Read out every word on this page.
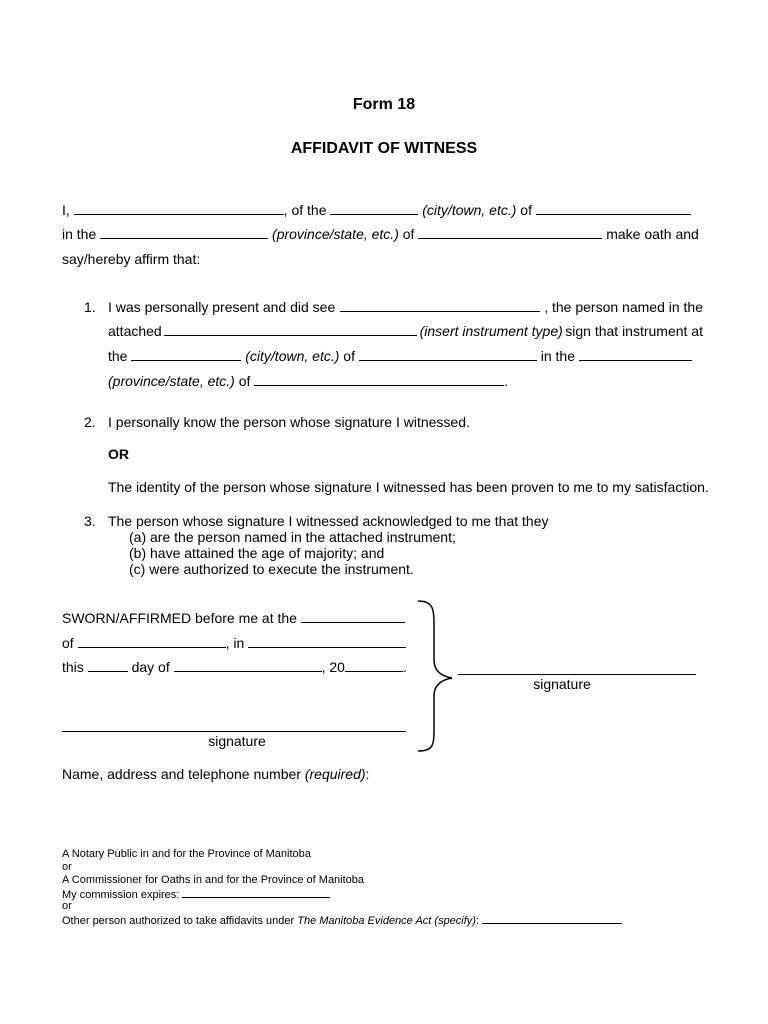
Form 18
AFFIDAVIT OF WITNESS
I,	, of the	(city/town, etc.) of
in the	(province/state, etc.) of	make oath and
say/hereby affirm that:
1. I was personally present and did see	, the person named in the
attached	(insert instrument type) sign that instrument at
the	(city/town, etc.) of	in the
(province/state, etc.) of	.
2. I personally know the person whose signature I witnessed.
OR
The identity of the person whose signature I witnessed has been proven to me to my satisfaction.
3. The person whose signature I witnessed acknowledged to me that they
(a) are the person named in the attached instrument;
(b) have attained the age of majority; and
(c) were authorized to execute the instrument.
SWORN/AFFIRMED before me at the
of	, in
this	day of	, 20	.
signature
signature
Name, address and telephone number (required):
A Notary Public in and for the Province of Manitoba
or
A Commissioner for Oaths in and for the Province of Manitoba
My commission expires:
or
Other person authorized to take affidavits under The Manitoba Evidence Act (specify):
